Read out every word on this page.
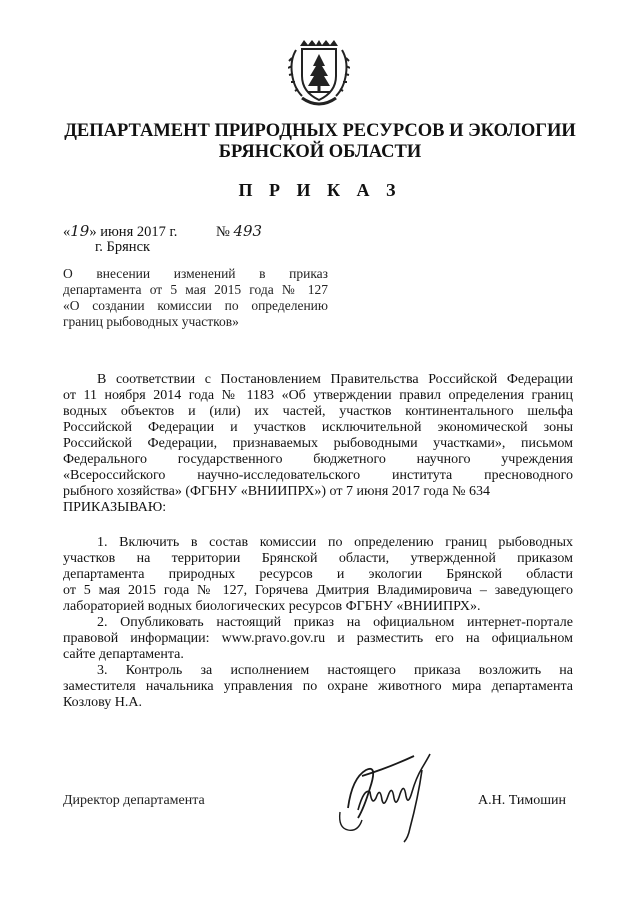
ДЕПАРТАМЕНТ ПРИРОДНЫХ РЕСУРСОВ И ЭКОЛОГИИ
БРЯНСКОЙ ОБЛАСТИ
П Р И К А З
«19» июня 2017 г.	№ 493
г. Брянск
О внесении изменений в приказ
департамента от 5 мая 2015 года № 127
«О создании комиссии по определению
границ рыбоводных участков»
В соответствии с Постановлением Правительства Российской Федерации
от 11 ноября 2014 года № 1183 «Об утверждении правил определения границ
водных объектов и (или) их частей, участков континентального шельфа
Российской Федерации и участков исключительной экономической зоны
Российской Федерации, признаваемых рыбоводными участками», письмом
Федерального государственного бюджетного научного учреждения
«Всероссийского научно-исследовательского института пресноводного
рыбного хозяйства» (ФГБНУ «ВНИИПРХ») от 7 июня 2017 года № 634
ПРИКАЗЫВАЮ:
1. Включить в состав комиссии по определению границ рыбоводных
участков на территории Брянской области, утвержденной приказом
департамента природных ресурсов и экологии Брянской области
от 5 мая 2015 года № 127, Горячева Дмитрия Владимировича – заведующего
лабораторией водных биологических ресурсов ФГБНУ «ВНИИПРХ».
2. Опубликовать настоящий приказ на официальном интернет-портале
правовой информации: www.pravo.gov.ru и разместить его на официальном
сайте департамента.
3. Контроль за исполнением настоящего приказа возложить на
заместителя начальника управления по охране животного мира департамента
Козлову Н.А.
Директор департамента	А.Н. Тимошин
